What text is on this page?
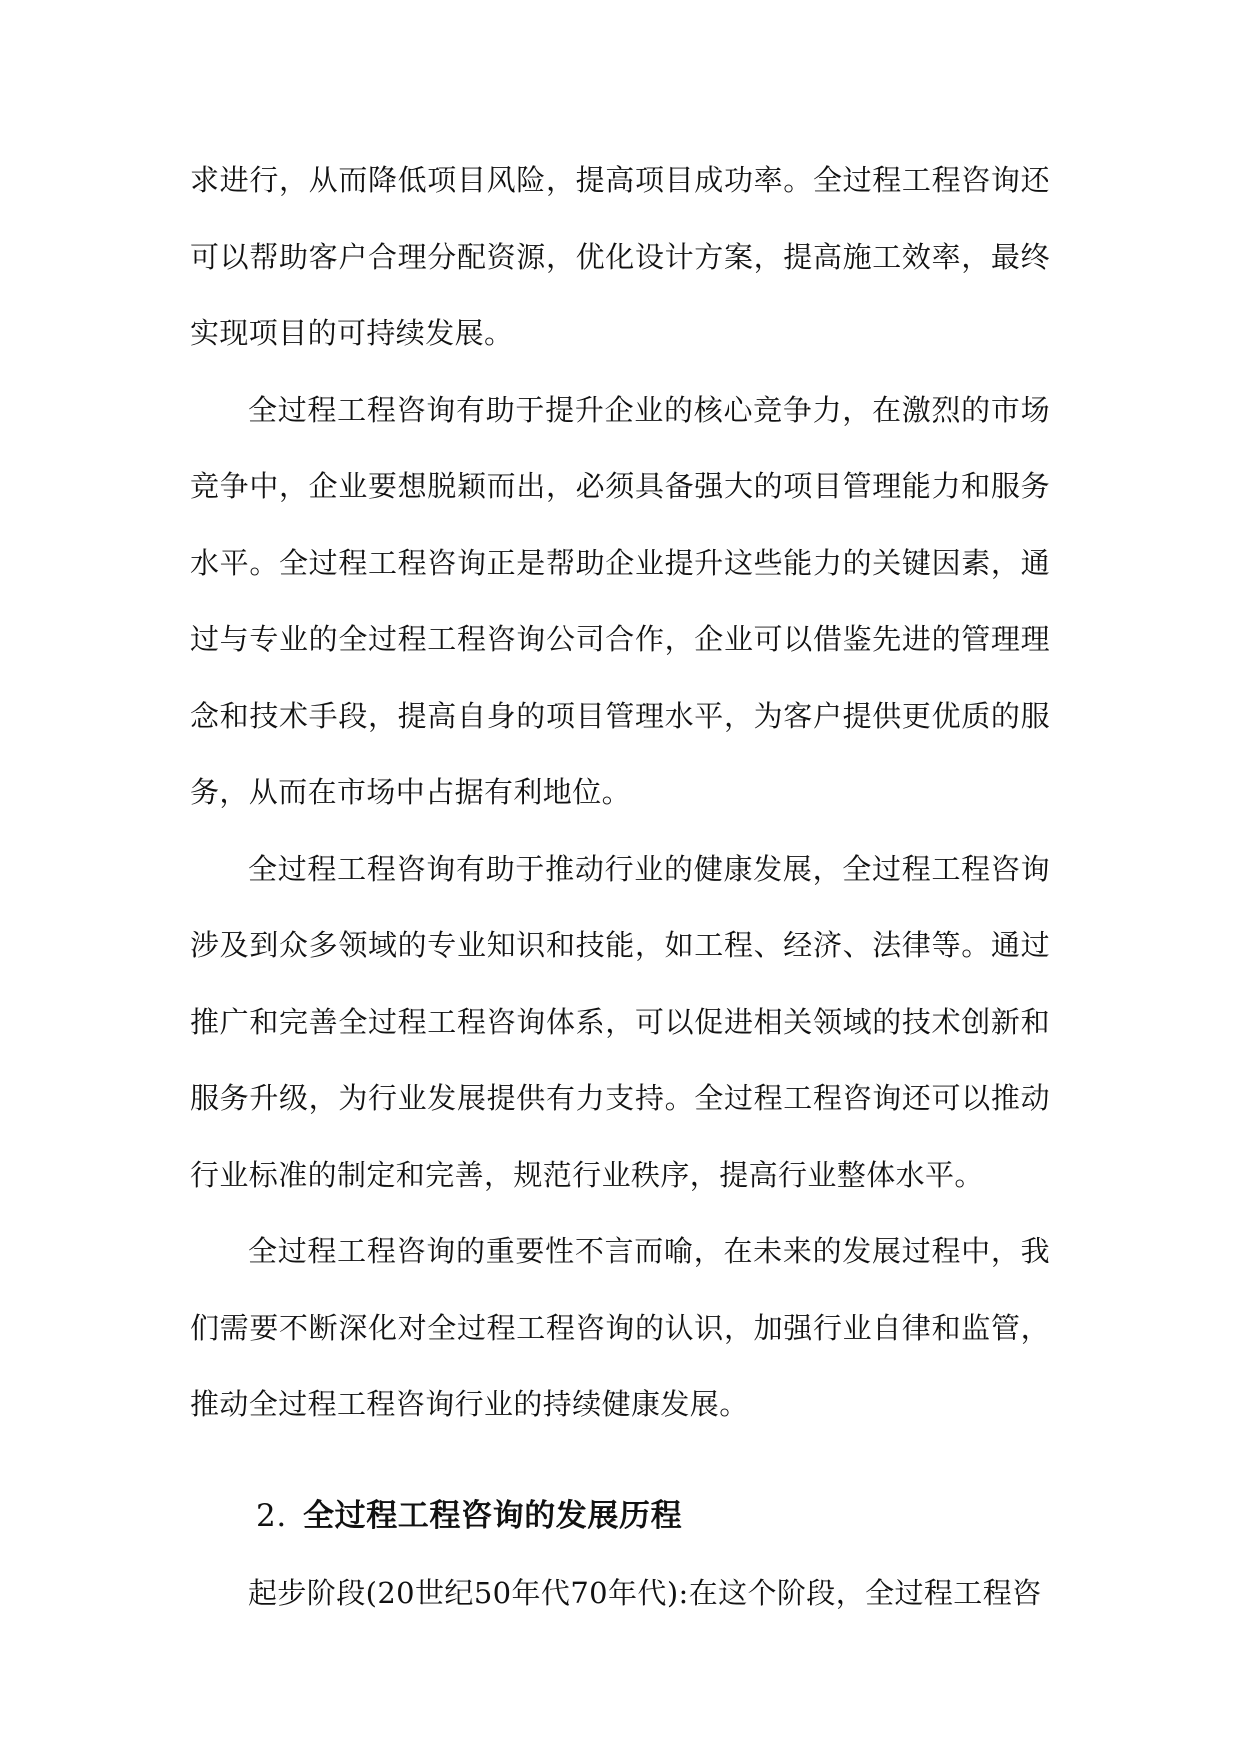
求进行，从而降低项目风险，提高项目成功率。全过程工程咨询还可以帮助客户合理分配资源，优化设计方案，提高施工效率，最终实现项目的可持续发展。

全过程工程咨询有助于提升企业的核心竞争力，在激烈的市场竞争中，企业要想脱颖而出，必须具备强大的项目管理能力和服务水平。全过程工程咨询正是帮助企业提升这些能力的关键因素，通过与专业的全过程工程咨询公司合作，企业可以借鉴先进的管理理念和技术手段，提高自身的项目管理水平，为客户提供更优质的服务，从而在市场中占据有利地位。

全过程工程咨询有助于推动行业的健康发展，全过程工程咨询涉及到众多领域的专业知识和技能，如工程、经济、法律等。通过推广和完善全过程工程咨询体系，可以促进相关领域的技术创新和服务升级，为行业发展提供有力支持。全过程工程咨询还可以推动行业标准的制定和完善，规范行业秩序，提高行业整体水平。

全过程工程咨询的重要性不言而喻，在未来的发展过程中，我们需要不断深化对全过程工程咨询的认识，加强行业自律和监管，推动全过程工程咨询行业的持续健康发展。

2. 全过程工程咨询的发展历程

起步阶段(20世纪50年代70年代):在这个阶段，全过程工程咨
